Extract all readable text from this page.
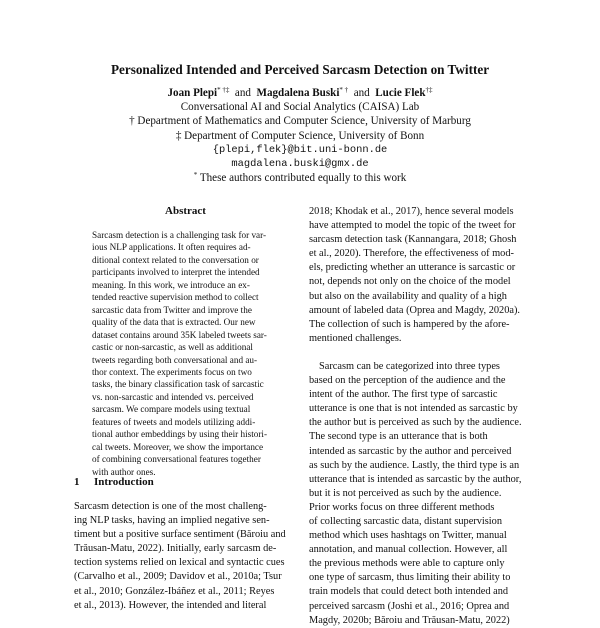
Personalized Intended and Perceived Sarcasm Detection on Twitter
Joan Plepi* †‡ and Magdalena Buski* † and Lucie Flek†‡
Conversational AI and Social Analytics (CAISA) Lab
† Department of Mathematics and Computer Science, University of Marburg
‡ Department of Computer Science, University of Bonn
{plepi,flek}@bit.uni-bonn.de
magdalena.buski@gmx.de
* These authors contributed equally to this work
Abstract
Sarcasm detection is a challenging task for var-
ious NLP applications. It often requires ad-
ditional context related to the conversation or
participants involved to interpret the intended
meaning. In this work, we introduce an ex-
tended reactive supervision method to collect
sarcastic data from Twitter and improve the
quality of the data that is extracted. Our new
dataset contains around 35K labeled tweets sar-
castic or non-sarcastic, as well as additional
tweets regarding both conversational and au-
thor context. The experiments focus on two
tasks, the binary classification task of sarcastic
vs. non-sarcastic and intended vs. perceived
sarcasm. We compare models using textual
features of tweets and models utilizing addi-
tional author embeddings by using their histori-
cal tweets. Moreover, we show the importance
of combining conversational features together
with author ones.
1 Introduction
Sarcasm detection is one of the most challeng-
ing NLP tasks, having an implied negative sen-
timent but a positive surface sentiment (Băroiu and
Trăusan-Matu, 2022). Initially, early sarcasm de-
tection systems relied on lexical and syntactic cues
(Carvalho et al., 2009; Davidov et al., 2010a; Tsur
et al., 2010; González-Ibáñez et al., 2011; Reyes
et al., 2013). However, the intended and literal
2018; Khodak et al., 2017), hence several models
have attempted to model the topic of the tweet for
sarcasm detection task (Kannangara, 2018; Ghosh
et al., 2020). Therefore, the effectiveness of mod-
els, predicting whether an utterance is sarcastic or
not, depends not only on the choice of the model
but also on the availability and quality of a high
amount of labeled data (Oprea and Magdy, 2020a).
The collection of such is hampered by the afore-
mentioned challenges.
Sarcasm can be categorized into three types
based on the perception of the audience and the
intent of the author. The first type of sarcastic
utterance is one that is not intended as sarcastic by
the author but is perceived as such by the audience.
The second type is an utterance that is both
intended as sarcastic by the author and perceived
as such by the audience. Lastly, the third type is an
utterance that is intended as sarcastic by the author,
but it is not perceived as such by the audience.
Prior works focus on three different methods
of collecting sarcastic data, distant supervision
method which uses hashtags on Twitter, manual
annotation, and manual collection. However, all
the previous methods were able to capture only
one type of sarcasm, thus limiting their ability to
train models that could detect both intended and
perceived sarcasm (Joshi et al., 2016; Oprea and
Magdy, 2020b; Băroiu and Trăusan-Matu, 2022)
